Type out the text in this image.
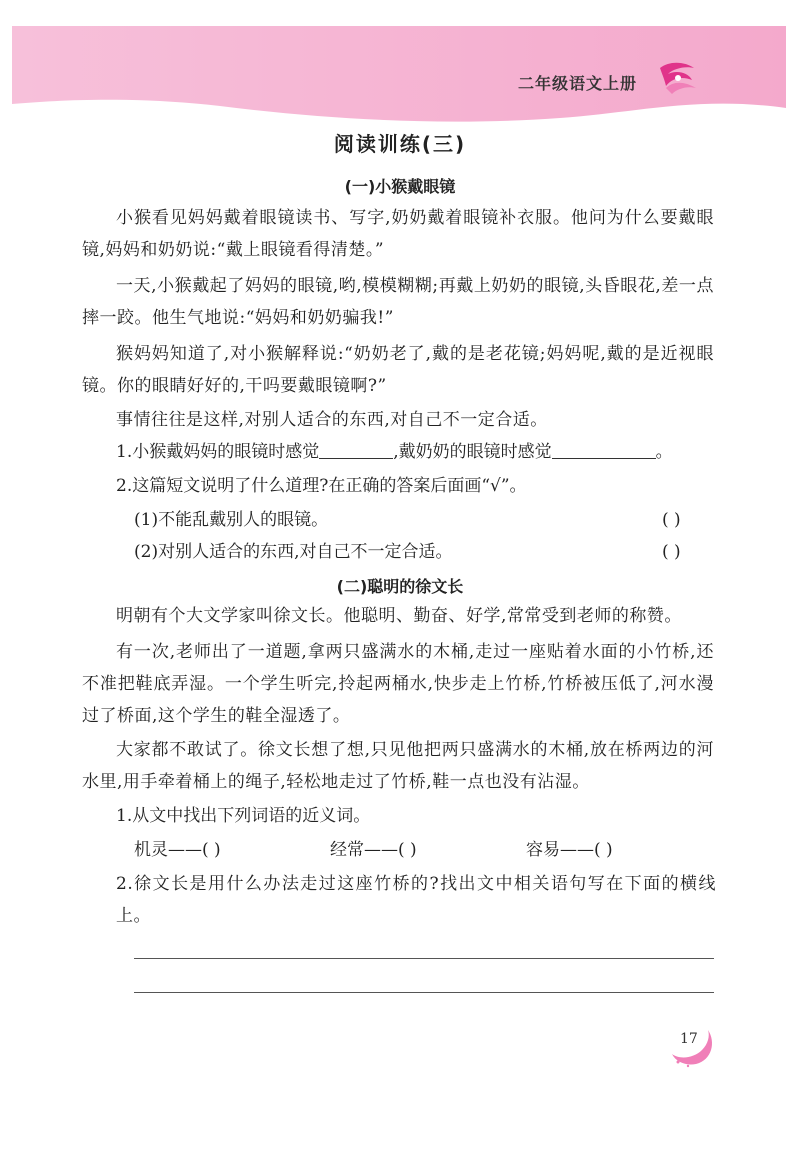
二年级语文上册
阅读训练(三)
(一)小猴戴眼镜

小猴看见妈妈戴着眼镜读书、写字,奶奶戴着眼镜补衣服。他问为什么要戴眼镜,妈妈和奶奶说:“戴上眼镜看得清楚。”

一天,小猴戴起了妈妈的眼镜,哟,模模糊糊;再戴上奶奶的眼镜,头昏眼花,差一点摔一跤。他生气地说:“妈妈和奶奶骗我!”

猴妈妈知道了,对小猴解释说:“奶奶老了,戴的是老花镜;妈妈呢,戴的是近视眼镜。你的眼睛好好的,干吗要戴眼镜啊?”

事情往往是这样,对别人适合的东西,对自己不一定合适。

1.小猴戴妈妈的眼镜时感觉	,戴奶奶的眼镜时感觉	。
2.这篇短文说明了什么道理?在正确的答案后面画“√”。
(1)不能乱戴别人的眼镜。	( )
(2)对别人适合的东西,对自己不一定合适。	( )
(二)聪明的徐文长

明朝有个大文学家叫徐文长。他聪明、勤奋、好学,常常受到老师的称赞。

有一次,老师出了一道题,拿两只盛满水的木桶,走过一座贴着水面的小竹桥,还不准把鞋底弄湿。一个学生听完,拎起两桶水,快步走上竹桥,竹桥被压低了,河水漫过了桥面,这个学生的鞋全湿透了。

大家都不敢试了。徐文长想了想,只见他把两只盛满水的木桶,放在桥两边的河水里,用手牵着桶上的绳子,轻松地走过了竹桥,鞋一点也没有沾湿。

1.从文中找出下列词语的近义词。
机灵——( )	经常——( )	容易——( )

2.徐文长是用什么办法走过这座竹桥的?找出文中相关语句写在下面的横线上。

17
